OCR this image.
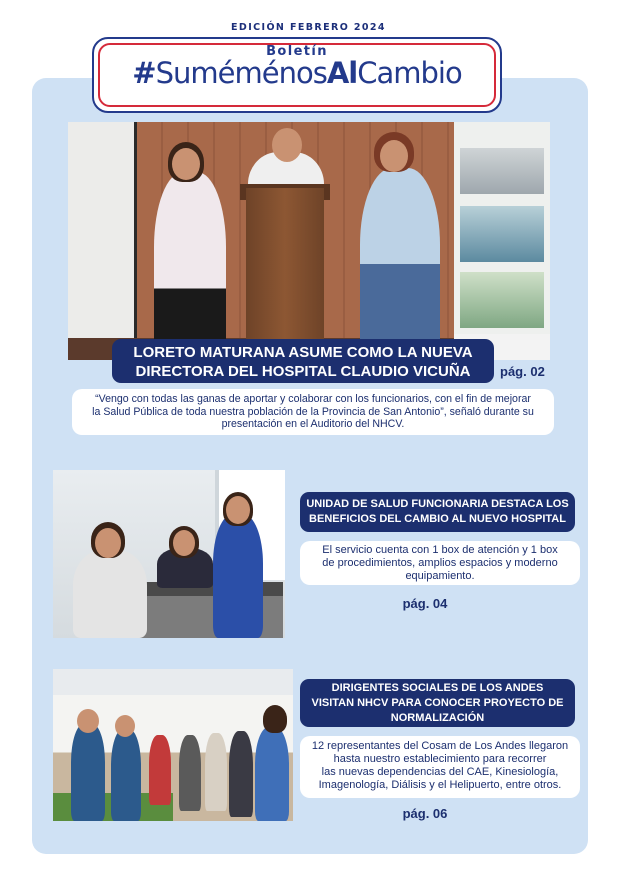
EDICIÓN FEBRERO 2024
Boletín
#SuméménosAlCambio
LORETO MATURANA ASUME COMO LA NUEVA
DIRECTORA DEL HOSPITAL CLAUDIO VICUÑA	pág. 02
“Vengo con todas las ganas de aportar y colaborar con los funcionarios, con el fin de mejorar
la Salud Pública de toda nuestra población de la Provincia de San Antonio”, señaló durante su
presentación en el Auditorio del NHCV.
UNIDAD DE SALUD FUNCIONARIA DESTACA LOS
BENEFICIOS DEL CAMBIO AL NUEVO HOSPITAL
El servicio cuenta con 1 box de atención y 1 box
de procedimientos, amplios espacios y moderno
equipamiento.
pág. 04
DIRIGENTES SOCIALES DE LOS ANDES
VISITAN NHCV PARA CONOCER PROYECTO DE
NORMALIZACIÓN
12 representantes del Cosam de Los Andes llegaron
hasta nuestro establecimiento para recorrer
las nuevas dependencias del CAE, Kinesiología,
Imagenología, Diálisis y el Helipuerto, entre otros.
pág. 06
